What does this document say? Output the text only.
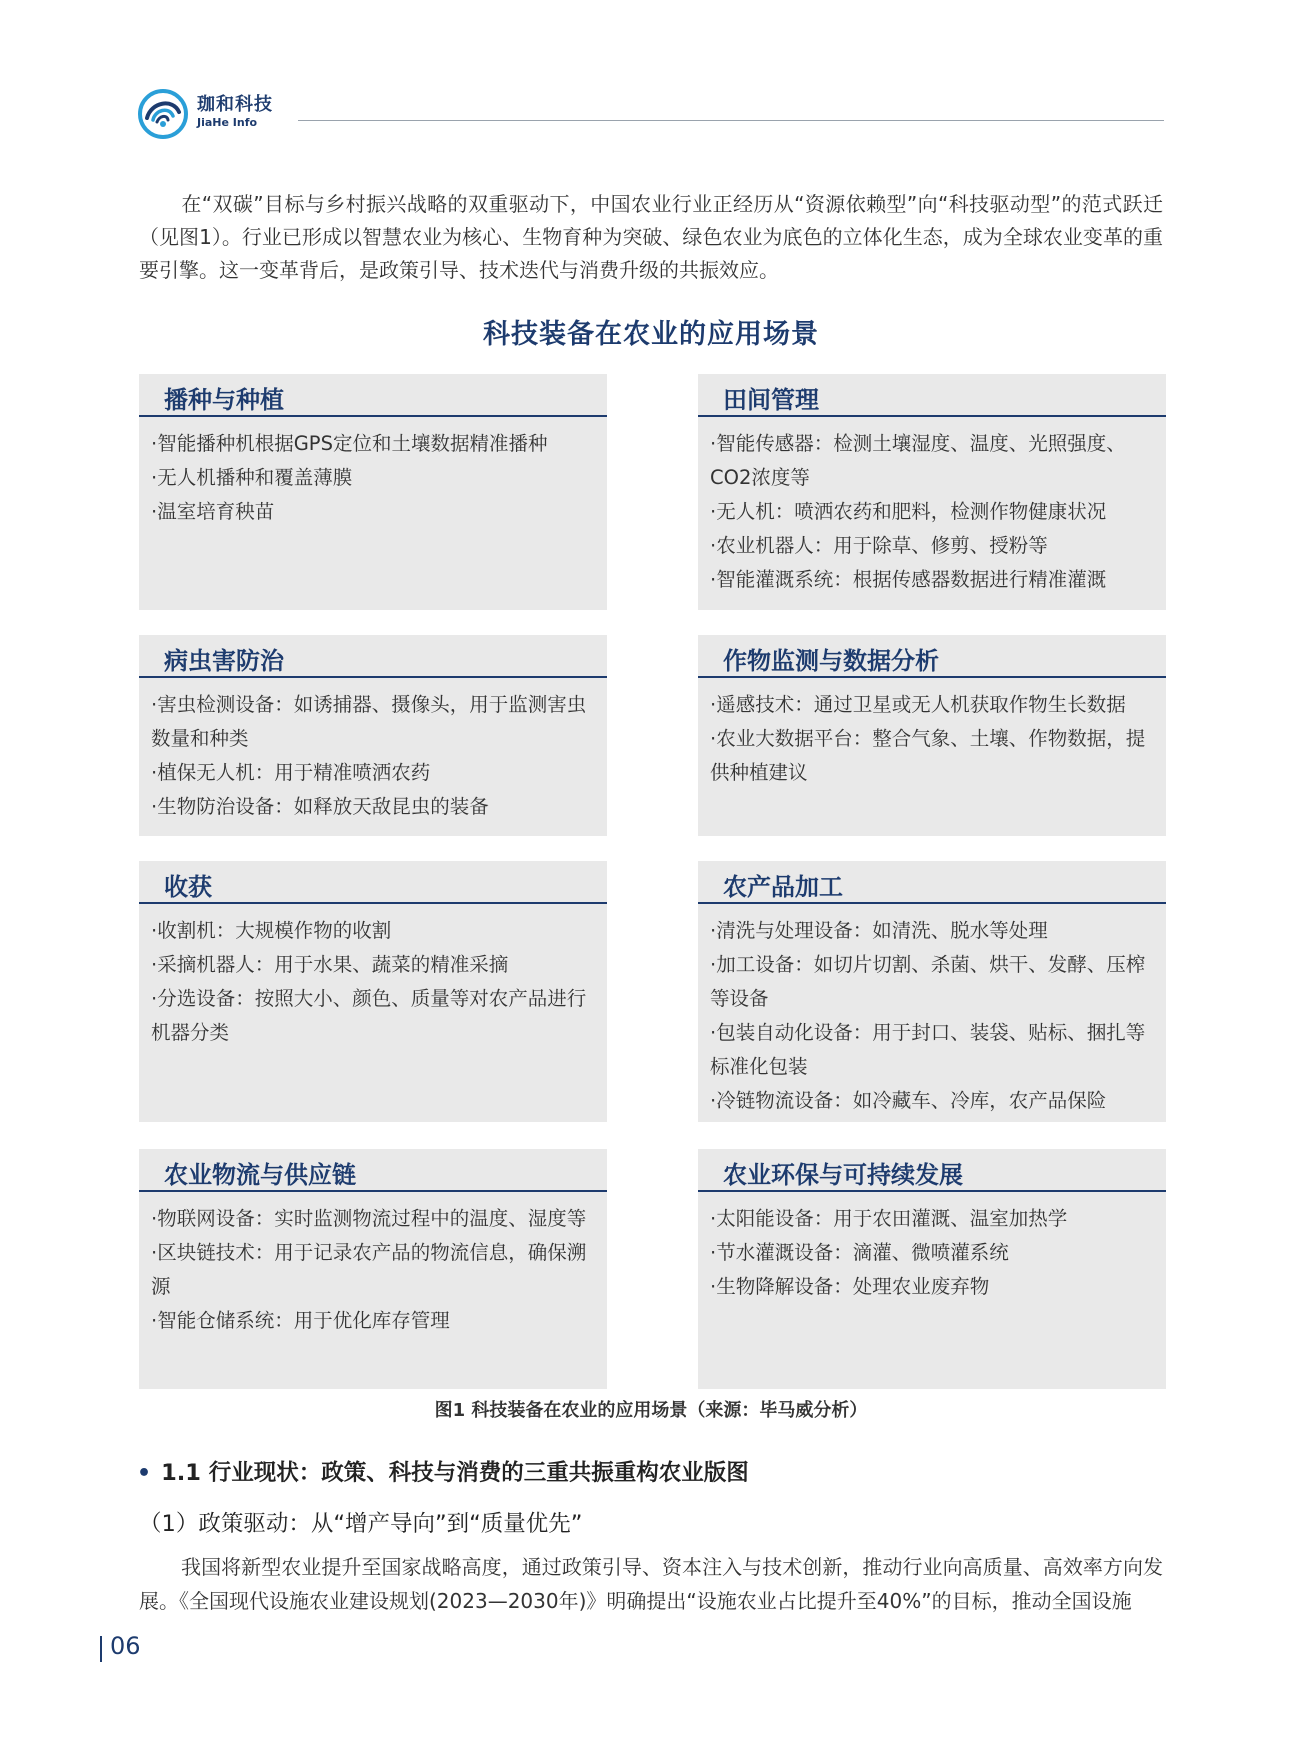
珈和科技
JiaHe Info

在“双碳”目标与乡村振兴战略的双重驱动下，中国农业行业正经历从“资源依赖型”向“科技驱动型”的范式跃迁（见图1）。行业已形成以智慧农业为核心、生物育种为突破、绿色农业为底色的立体化生态，成为全球农业变革的重要引擎。这一变革背后，是政策引导、技术迭代与消费升级的共振效应。

科技装备在农业的应用场景
播种与种植
·智能播种机根据GPS定位和土壤数据精准播种
·无人机播种和覆盖薄膜
·温室培育秧苗
田间管理
·智能传感器：检测土壤湿度、温度、光照强度、CO2浓度等
·无人机：喷洒农药和肥料，检测作物健康状况
·农业机器人：用于除草、修剪、授粉等
·智能灌溉系统：根据传感器数据进行精准灌溉
病虫害防治
·害虫检测设备：如诱捕器、摄像头，用于监测害虫数量和种类
·植保无人机：用于精准喷洒农药
·生物防治设备：如释放天敌昆虫的装备
作物监测与数据分析
·遥感技术：通过卫星或无人机获取作物生长数据
·农业大数据平台：整合气象、土壤、作物数据，提供种植建议
收获
·收割机：大规模作物的收割
·采摘机器人：用于水果、蔬菜的精准采摘
·分选设备：按照大小、颜色、质量等对农产品进行机器分类
农产品加工
·清洗与处理设备：如清洗、脱水等处理
·加工设备：如切片切割、杀菌、烘干、发酵、压榨等设备
·包装自动化设备：用于封口、装袋、贴标、捆扎等标准化包装
·冷链物流设备：如冷藏车、冷库，农产品保险
农业物流与供应链
·物联网设备：实时监测物流过程中的温度、湿度等
·区块链技术：用于记录农产品的物流信息，确保溯源
·智能仓储系统：用于优化库存管理
农业环保与可持续发展
·太阳能设备：用于农田灌溉、温室加热学
·节水灌溉设备：滴灌、微喷灌系统
·生物降解设备：处理农业废弃物
图1 科技装备在农业的应用场景（来源：毕马威分析）
• 1.1 行业现状：政策、科技与消费的三重共振重构农业版图
（1）政策驱动：从“增产导向”到“质量优先”

我国将新型农业提升至国家战略高度，通过政策引导、资本注入与技术创新，推动行业向高质量、高效率方向发展。《全国现代设施农业建设规划(2023—2030年)》明确提出“设施农业占比提升至40%”的目标，推动全国设施

06
